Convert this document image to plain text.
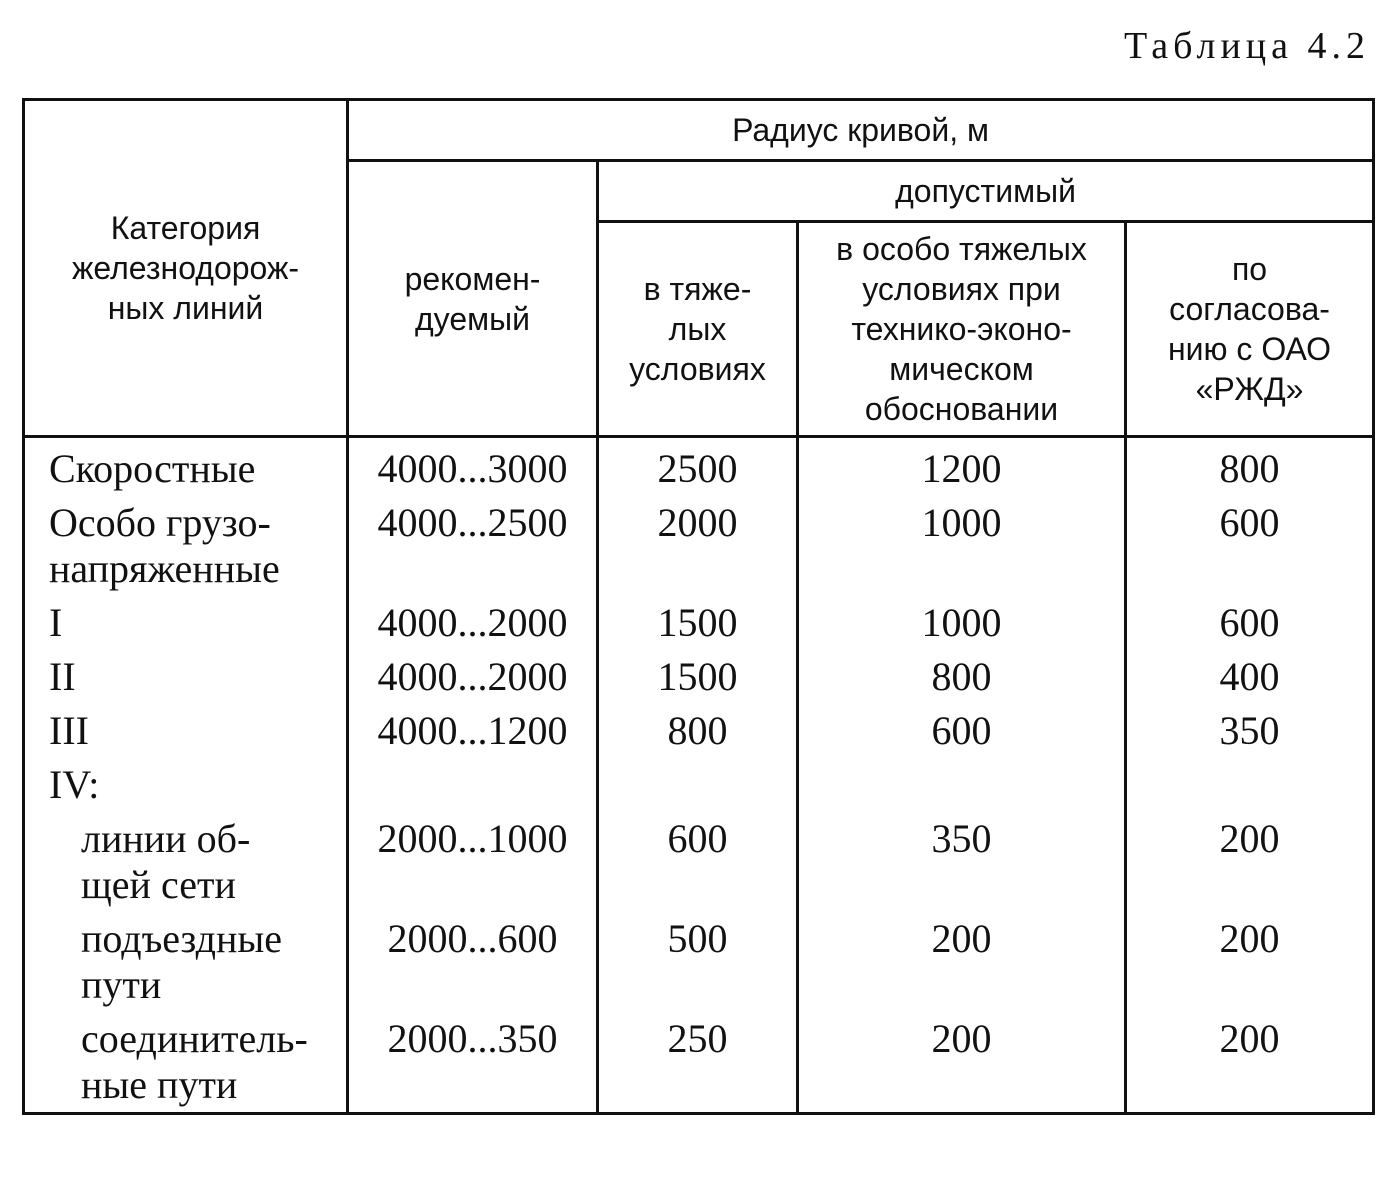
Таблица 4.2
Категория железнодорож-ных линий	Радиус кривой, м			
	рекомен-дуемый	допустимый		
		в тяже-лых условиях	в особо тяжелых условиях при технико-эконо-мическом обосновании	по согласова-нию с ОАО «РЖД»
Скоростные	4000...3000	2500	1200	800
Особо грузо-напряженные	4000...2500	2000	1000	600
I	4000...2000	1500	1000	600
II	4000...2000	1500	800	400
III	4000...1200	800	600	350
IV:				
линии об-щей сети	2000...1000	600	350	200
подъездные пути	2000...600	500	200	200
соединитель-ные пути	2000...350	250	200	200
